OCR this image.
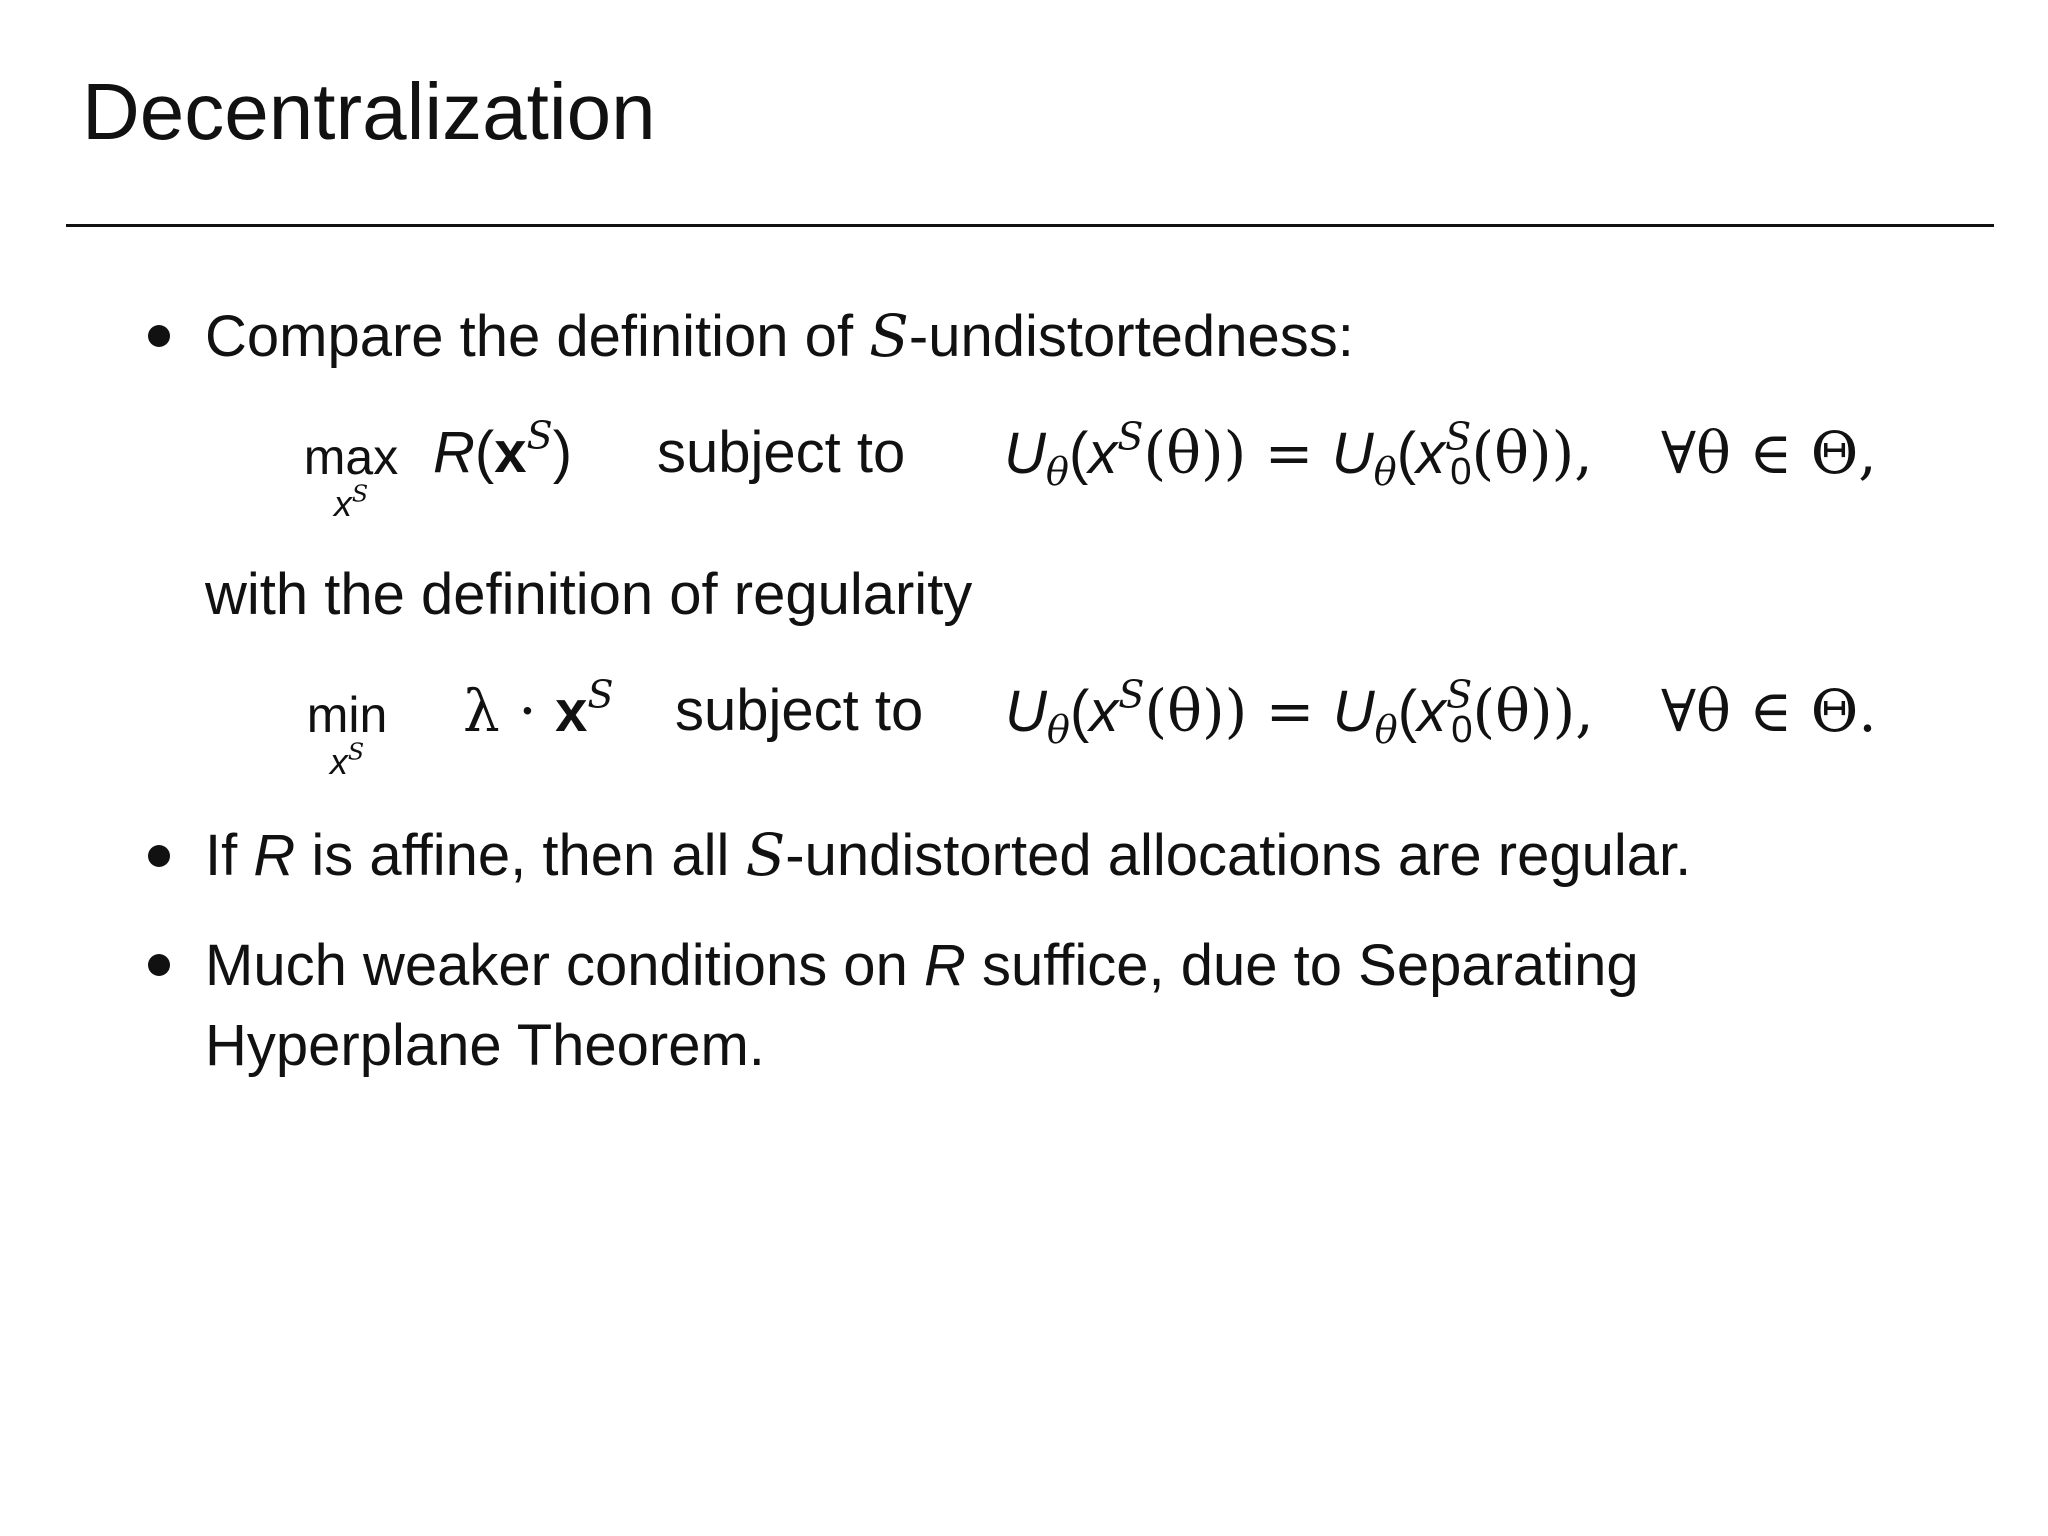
Decentralization
Compare the definition of S-undistortedness:
max
$x^S$
$R(x^S)$ subject to $U_\theta(x^S(\theta)) = U_\theta(x^S_0(\theta))$, ∀θ ∈ Θ,
with the definition of regularity
min
$x^S$
$\lambda \cdot x^S$ subject to $U_\theta(x^S(\theta)) = U_\theta(x^S_0(\theta))$, ∀θ ∈ Θ.
If R is affine, then all S-undistorted allocations are regular.
Much weaker conditions on R suffice, due to Separating
Hyperplane Theorem.
